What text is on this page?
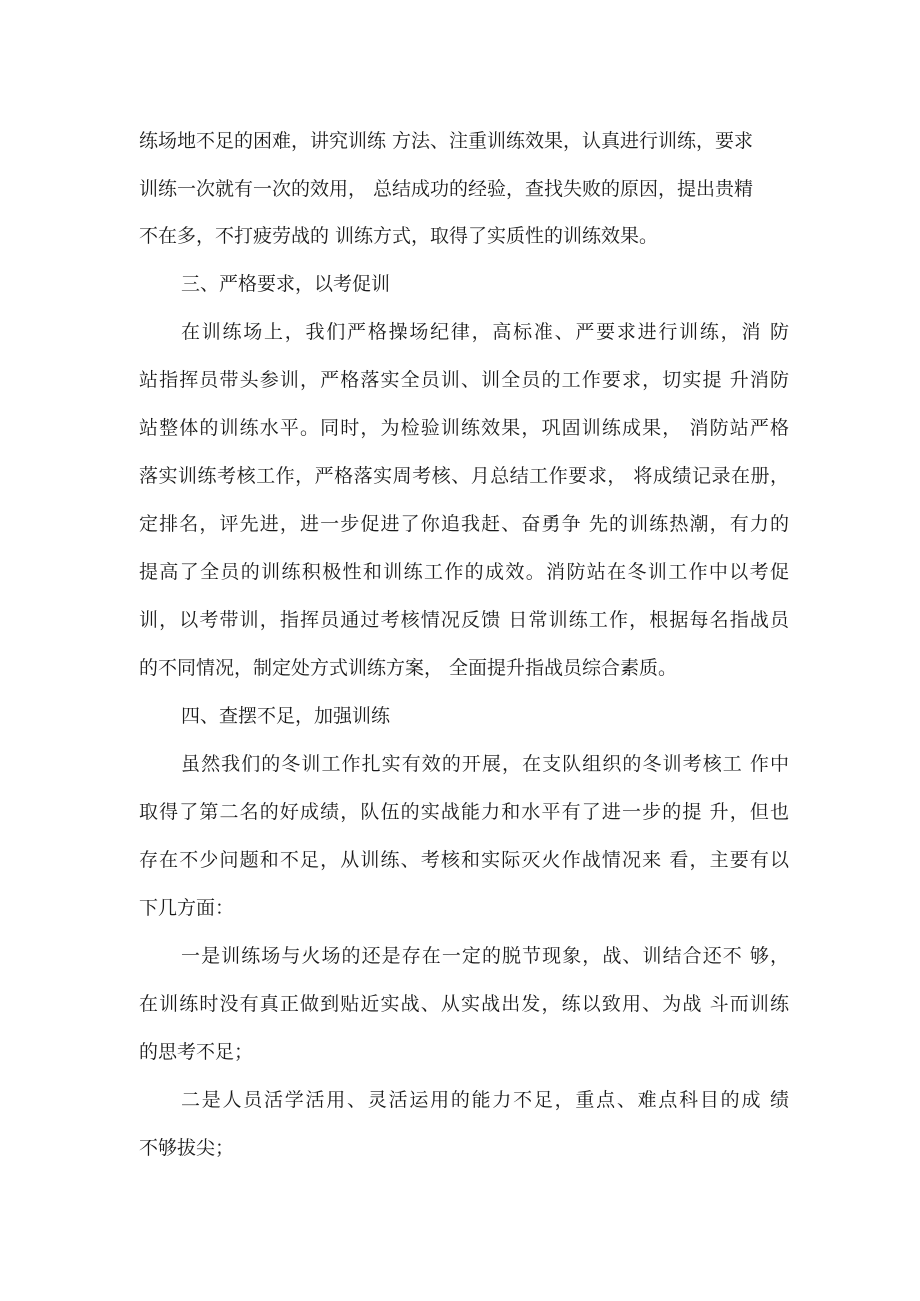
练场地不足的困难，讲究训练 方法、注重训练效果，认真进行训练，要求
训练一次就有一次的效用， 总结成功的经验，查找失败的原因，提出贵精
不在多，不打疲劳战的 训练方式，取得了实质性的训练效果。
三、严格要求，以考促训
在训练场上，我们严格操场纪律，高标准、严要求进行训练，消 防
站指挥员带头参训，严格落实全员训、训全员的工作要求，切实提 升消防
站整体的训练水平。同时，为检验训练效果，巩固训练成果， 消防站严格
落实训练考核工作，严格落实周考核、月总结工作要求， 将成绩记录在册，
定排名，评先进，进一步促进了你追我赶、奋勇争 先的训练热潮，有力的
提高了全员的训练积极性和训练工作的成效。消防站在冬训工作中以考促
训，以考带训，指挥员通过考核情况反馈 日常训练工作，根据每名指战员
的不同情况，制定处方式训练方案， 全面提升指战员综合素质。
四、查摆不足，加强训练
虽然我们的冬训工作扎实有效的开展，在支队组织的冬训考核工 作中
取得了第二名的好成绩，队伍的实战能力和水平有了进一步的提 升，但也
存在不少问题和不足，从训练、考核和实际灭火作战情况来 看，主要有以
下几方面：
一是训练场与火场的还是存在一定的脱节现象，战、训结合还不 够，
在训练时没有真正做到贴近实战、从实战出发，练以致用、为战 斗而训练
的思考不足；
二是人员活学活用、灵活运用的能力不足，重点、难点科目的成 绩
不够拔尖；
